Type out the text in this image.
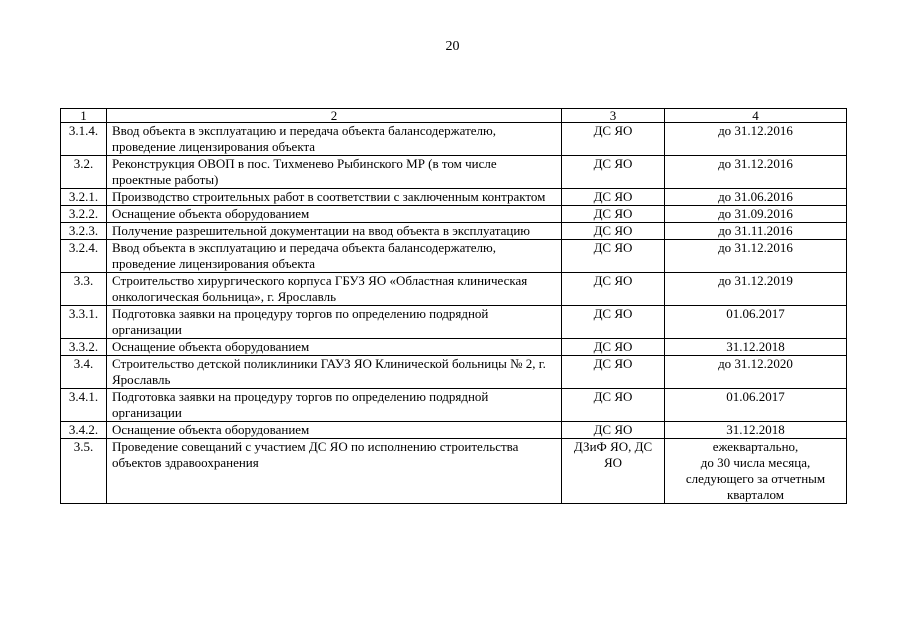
20
1	2	3	4
3.1.4.	Ввод объекта в эксплуатацию и передача объекта балансодержателю, проведение лицензирования объекта	ДС ЯО	до 31.12.2016
3.2.	Реконструкция ОВОП в пос. Тихменево Рыбинского МР (в том числе проектные работы)	ДС ЯО	до 31.12.2016
3.2.1.	Производство строительных работ в соответствии с заключенным контрактом	ДС ЯО	до 31.06.2016
3.2.2.	Оснащение объекта оборудованием	ДС ЯО	до 31.09.2016
3.2.3.	Получение разрешительной документации на ввод объекта в эксплуатацию	ДС ЯО	до 31.11.2016
3.2.4.	Ввод объекта в эксплуатацию и передача объекта балансодержателю, проведение лицензирования объекта	ДС ЯО	до 31.12.2016
3.3.	Строительство хирургического корпуса ГБУЗ ЯО «Областная клиническая онкологическая больница», г. Ярославль	ДС ЯО	до 31.12.2019
3.3.1.	Подготовка заявки на процедуру торгов по определению подрядной организации	ДС ЯО	01.06.2017
3.3.2.	Оснащение объекта оборудованием	ДС ЯО	31.12.2018
3.4.	Строительство детской поликлиники ГАУЗ ЯО Клинической больницы № 2, г. Ярославль	ДС ЯО	до 31.12.2020
3.4.1.	Подготовка заявки на процедуру торгов по определению подрядной организации	ДС ЯО	01.06.2017
3.4.2.	Оснащение объекта оборудованием	ДС ЯО	31.12.2018
3.5.	Проведение совещаний с участием ДС ЯО по исполнению строительства объектов здравоохранения	ДЗиФ ЯО, ДС ЯО	ежеквартально,
до 30 числа месяца,
следующего за отчетным
кварталом
